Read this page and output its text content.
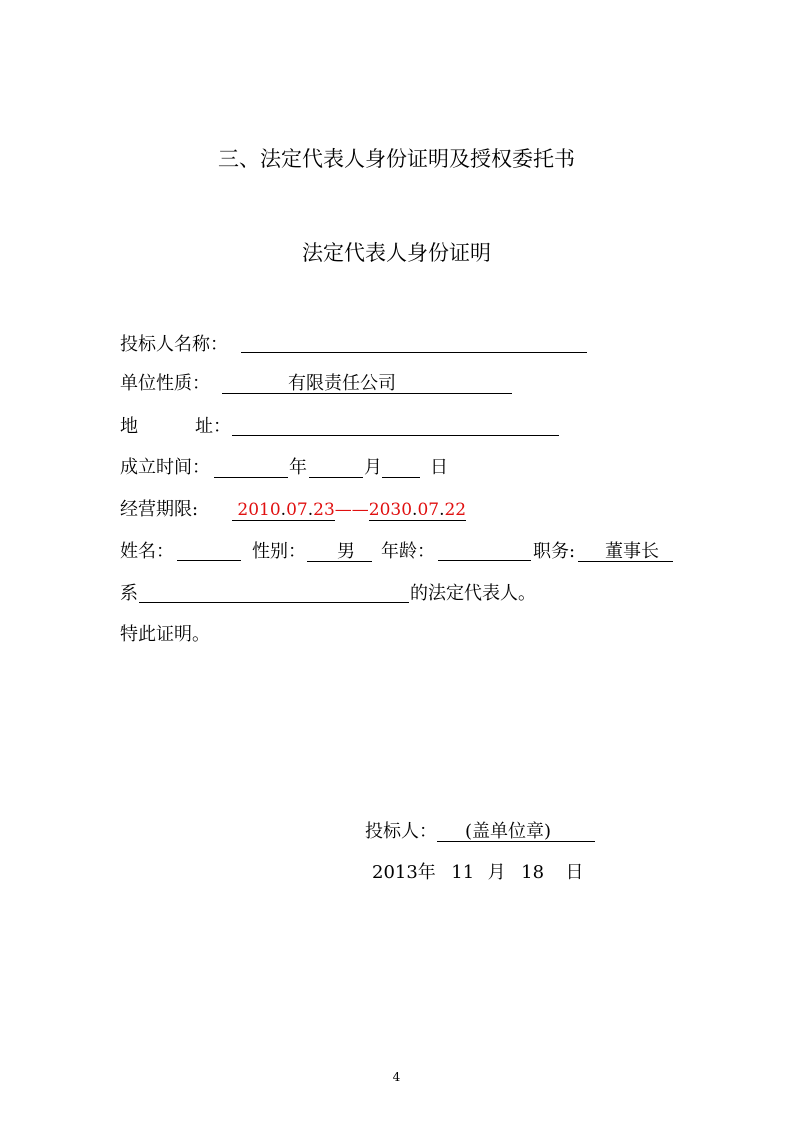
三、法定代表人身份证明及授权委托书
法定代表人身份证明
投标人名称：
单位性质：	有限责任公司
地	址：
成立时间：	年	月	日
经营期限:	2010.07.23——2030.07.22
姓名：	性别： 男 年龄：	职务: 董事长
系	的法定代表人。
特此证明。
投标人： (盖单位章)
2013年 11 月 18 日
4
